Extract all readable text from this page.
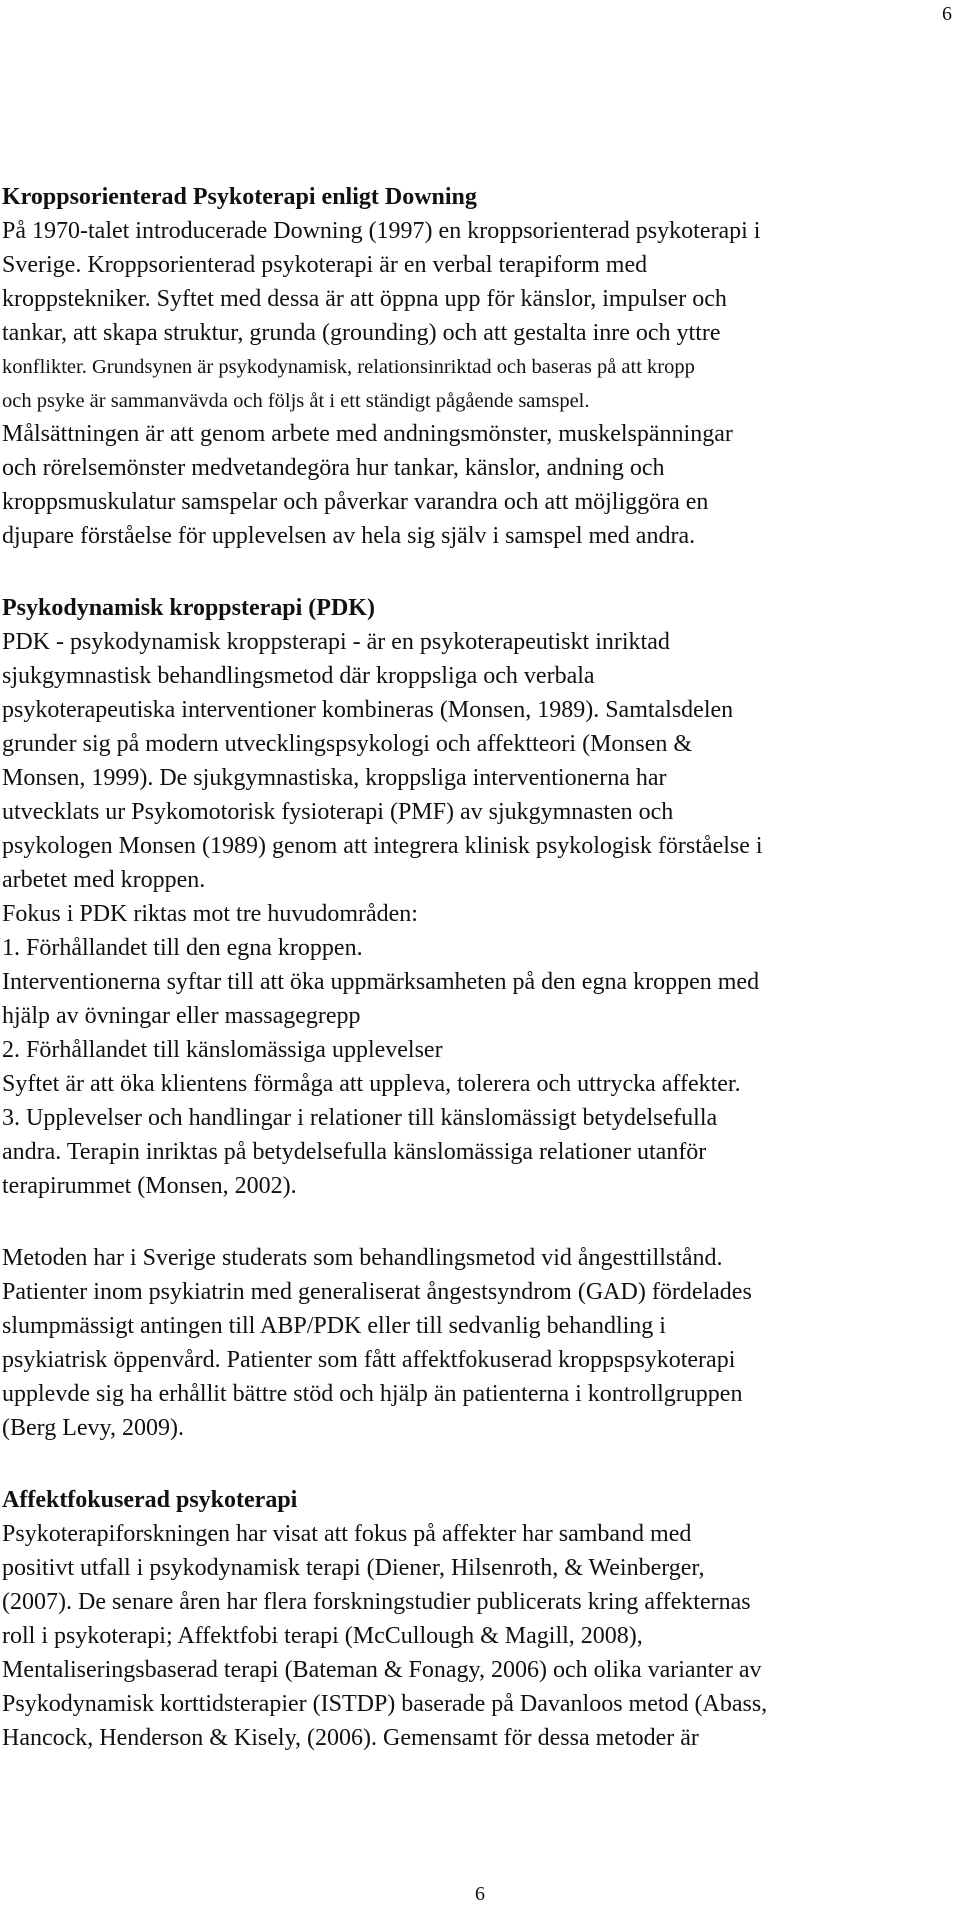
6

Kroppsorienterad Psykoterapi enligt Downing

På 1970-talet introducerade Downing (1997) en kroppsorienterad psykoterapi i

Sverige. Kroppsorienterad psykoterapi är en verbal terapiform med

kroppstekniker. Syftet med dessa är att öppna upp för känslor, impulser och

tankar, att skapa struktur, grunda (grounding) och att gestalta inre och yttre

konflikter. Grundsynen är psykodynamisk, relationsinriktad och baseras på att kropp

och psyke är sammanvävda och följs åt i ett ständigt pågående samspel.

Målsättningen är att genom arbete med andningsmönster, muskelspänningar

och rörelsemönster medvetandegöra hur tankar, känslor, andning och

kroppsmuskulatur samspelar och påverkar varandra och att möjliggöra en

djupare förståelse för upplevelsen av hela sig själv i samspel med andra.

Psykodynamisk kroppsterapi (PDK)

PDK - psykodynamisk kroppsterapi - är en psykoterapeutiskt inriktad

sjukgymnastisk behandlingsmetod där kroppsliga och verbala

psykoterapeutiska interventioner kombineras (Monsen, 1989). Samtalsdelen

grunder sig på modern utvecklingspsykologi och affektteori (Monsen &

Monsen, 1999). De sjukgymnastiska, kroppsliga interventionerna har

utvecklats ur Psykomotorisk fysioterapi (PMF) av sjukgymnasten och

psykologen Monsen (1989) genom att integrera klinisk psykologisk förståelse i

arbetet med kroppen.

Fokus i PDK riktas mot tre huvudområden:

1. Förhållandet till den egna kroppen.

Interventionerna syftar till att öka uppmärksamheten på den egna kroppen med

hjälp av övningar eller massagegrepp

2. Förhållandet till känslomässiga upplevelser

Syftet är att öka klientens förmåga att uppleva, tolerera och uttrycka affekter.

3. Upplevelser och handlingar i relationer till känslomässigt betydelsefulla

andra. Terapin inriktas på betydelsefulla känslomässiga relationer utanför

terapirummet (Monsen, 2002).

Metoden har i Sverige studerats som behandlingsmetod vid ångesttillstånd.

Patienter inom psykiatrin med generaliserat ångestsyndrom (GAD) fördelades

slumpmässigt antingen till ABP/PDK eller till sedvanlig behandling i

psykiatrisk öppenvård. Patienter som fått affektfokuserad kroppspsykoterapi

upplevde sig ha erhållit bättre stöd och hjälp än patienterna i kontrollgruppen

(Berg Levy, 2009).

Affektfokuserad psykoterapi

Psykoterapiforskningen har visat att fokus på affekter har samband med

positivt utfall i psykodynamisk terapi (Diener, Hilsenroth, & Weinberger,

(2007). De senare åren har flera forskningstudier publicerats kring affekternas

roll i psykoterapi; Affektfobi terapi (McCullough & Magill, 2008),

Mentaliseringsbaserad terapi (Bateman & Fonagy, 2006) och olika varianter av

Psykodynamisk korttidsterapier (ISTDP) baserade på Davanloos metod (Abass,

Hancock, Henderson & Kisely, (2006). Gemensamt för dessa metoder är

6
